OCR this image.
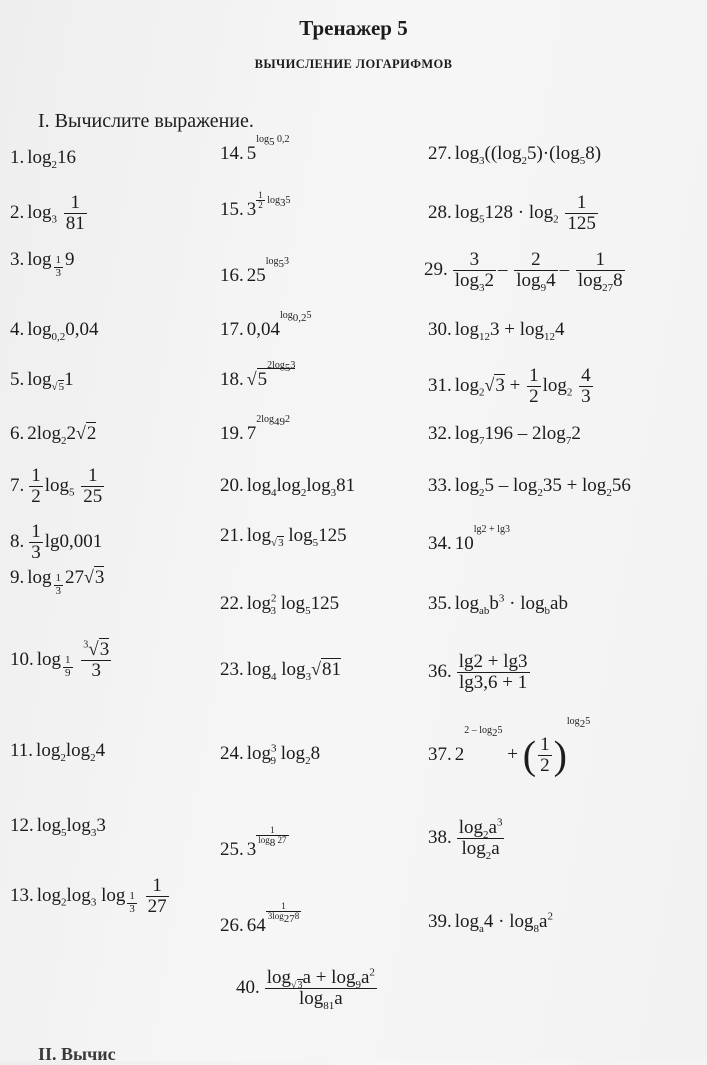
Тренажер 5
ВЫЧИСЛЕНИЕ ЛОГАРИФМОВ
I. Вычислите выражение.
1. $\log_216$
2. $\log_3 \frac{1}{81}$
3. log $_{\frac{1}{3}}$ 9
4. $\log_{0,2}0,04$
5. $\log_{√5}1$
6. $2\log_22√2$
7. $\frac{1}{2} \log_5 \frac{1}{25}$
8. $\frac{1}{3} \lg 0,001$
9. log $_{\frac{1}{3}}$ 27√3
10. log $_{\frac{1}{9}}$
$\frac{^3√3}{3}$
11. $\log_2\log_24$
12. $\log_5\log_33$
13. $\log_2\log_3$ log $_{\frac{1}{3}}$
$\frac{1}{27}$
14. $5^{log_5 0,2}$
15. 3 $^{\frac{1}{2} log_35}$
16. $25^{log_53}$
17. $0,04^{log_{0,2}5}$
18. $√5^{2log_53}$
19. $7^{2log_{49}2}$
20. $\log_4\log_2\log_381$
21. $\log_{√3} \log_5125$
22. $\log^2_3 \log_5125$
23. $\log_4 \log_3√81$
24. $\log^3_9 \log_28$
25. 3
$^{\frac{1}{\log_8 27}}$
26. 64
$^{\frac{1}{3\log_{27}8}}$
27. $\log_3((\log_25)\cdot(\log_58)$
28. $\log_5128 \cdot \log_2 \frac{1}{125}$
29. $\frac{3}{\log_32} - \frac{2}{\log_94} - \frac{1}{\log_{27}8}$
30. $\log_{12}3 + \log_{12}4$
31. $\log_2√3 + \frac{1}{2} \log_2 \frac{4}{3}$
32. $\log_7196 - 2\log_72$
33. $\log_25 - \log_235 + \log_256$
34. $10^{lg2 + lg3}$
35. $\log_{ab}b^3 \cdot \log_bab$
36. $\frac{\lg 2 + \lg 3}{\lg 3,6 + 1}$
37. $2^{2 - log_25}$ + ( $\frac{1}{2} )^{log_25}$
38. $\frac{\log_2a^3}{\log_2a}$
39. $\log_a4 \cdot \log_8a^2$
40. $\frac{\log_{√3}a + \log_9a^2}{\log_{81}a}$
II. Вычис
